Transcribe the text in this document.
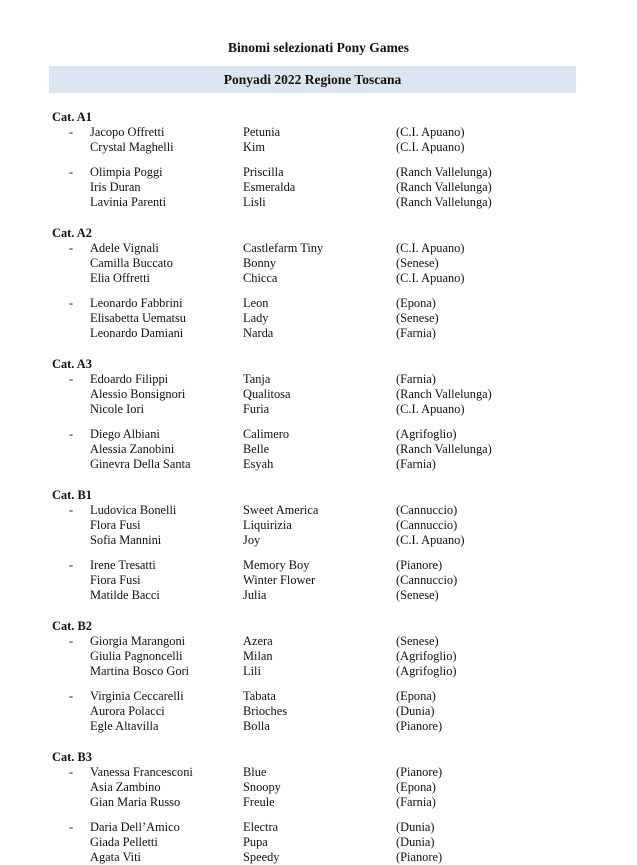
Binomi selezionati Pony Games
Ponyadi 2022 Regione Toscana
Cat. A1
- Jacopo Offretti	Petunia	(C.I. Apuano)
Crystal Maghelli	Kim	(C.I. Apuano)
- Olimpia Poggi	Priscilla	(Ranch Vallelunga)
Iris Duran	Esmeralda	(Ranch Vallelunga)
Lavinia Parenti	Lisli	(Ranch Vallelunga)
Cat. A2
- Adele Vignali	Castlefarm Tiny	(C.I. Apuano)
Camilla Buccato	Bonny	(Senese)
Elia Offretti	Chicca	(C.I. Apuano)
- Leonardo Fabbrini	Leon	(Epona)
Elisabetta Uematsu	Lady	(Senese)
Leonardo Damiani	Narda	(Farnia)
Cat. A3
- Edoardo Filippi	Tanja	(Farnia)
Alessio Bonsignori	Qualitosa	(Ranch Vallelunga)
Nicole Iori	Furia	(C.I. Apuano)
- Diego Albiani	Calimero	(Agrifoglio)
Alessia Zanobini	Belle	(Ranch Vallelunga)
Ginevra Della Santa	Esyah	(Farnia)
Cat. B1
- Ludovica Bonelli	Sweet America	(Cannuccio)
Flora Fusi	Liquirizia	(Cannuccio)
Sofia Mannini	Joy	(C.I. Apuano)
- Irene Tresatti	Memory Boy	(Pianore)
Fiora Fusi	Winter Flower	(Cannuccio)
Matilde Bacci	Julia	(Senese)
Cat. B2
- Giorgia Marangoni	Azera	(Senese)
Giulia Pagnoncelli	Milan	(Agrifoglio)
Martina Bosco Gori	Lili	(Agrifoglio)
- Virginia Ceccarelli	Tabata	(Epona)
Aurora Polacci	Brioches	(Dunia)
Egle Altavilla	Bolla	(Pianore)
Cat. B3
- Vanessa Francesconi	Blue	(Pianore)
Asia Zambino	Snoopy	(Epona)
Gian Maria Russo	Freule	(Farnia)
- Daria Dell’Amico	Electra	(Dunia)
Giada Pelletti	Pupa	(Dunia)
Agata Viti	Speedy	(Pianore)
